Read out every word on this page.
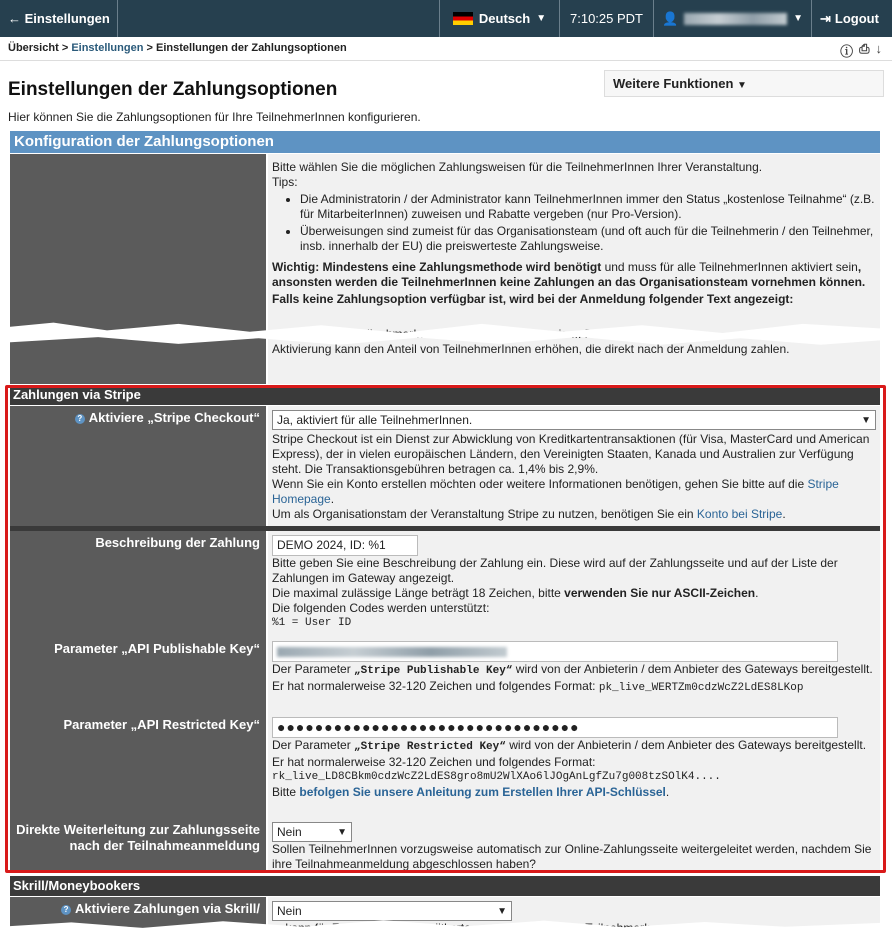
← Einstellungen	Deutsch ▼	7:10:25 PDT	👤	▼ ⇥ Logout
Übersicht > Einstellungen > Einstellungen der Zahlungsoptionen	ⓘ ⎙ ↓
Einstellungen der Zahlungsoptionen	Weitere Funktionen ▼
Hier können Sie die Zahlungsoptionen für Ihre TeilnehmerInnen konfigurieren.
Konfiguration der Zahlungsoptionen
Bitte wählen Sie die möglichen Zahlungsweisen für die TeilnehmerInnen Ihrer Veranstaltung.
Tips:
• Die Administratorin / der Administrator kann TeilnehmerInnen immer den Status „kostenlose Teilnahme“ (z.B. für MitarbeiterInnen) zuweisen und Rabatte vergeben (nur Pro-Version).
• Überweisungen sind zumeist für das Organisationsteam (und oft auch für die Teilnehmerin / den Teilnehmer, insb. innerhalb der EU) die preiswerteste Zahlungsweise.
Wichtig: Mindestens eine Zahlungsmethode wird benötigt und muss für alle TeilnehmerInnen aktiviert sein, ansonsten werden die TeilnehmerInnen keine Zahlungen an das Organisationsteam vornehmen können.
Falls keine Zahlungsoption verfügbar ist, wird bei der Anmeldung folgender Text angezeigt:
Aktivierung kann den Anteil von TeilnehmerInnen erhöhen, die direkt nach der Anmeldung zahlen.
Zahlungen via Stripe
? Aktiviere „Stripe Checkout“	Ja, aktiviert für alle TeilnehmerInnen.	▼
Stripe Checkout ist ein Dienst zur Abwicklung von Kreditkartentransaktionen (für Visa, MasterCard und American Express), der in vielen europäischen Ländern, den Vereinigten Staaten, Kanada und Australien zur Verfügung steht. Die Transaktionsgebühren betragen ca. 1,4% bis 2,9%.
Wenn Sie ein Konto erstellen möchten oder weitere Informationen benötigen, gehen Sie bitte auf die Stripe Homepage.
Um als Organisationstam der Veranstaltung Stripe zu nutzen, benötigen Sie ein Konto bei Stripe.
Beschreibung der Zahlung	DEMO 2024, ID: %1
Bitte geben Sie eine Beschreibung der Zahlung ein. Diese wird auf der Zahlungsseite und auf der Liste der Zahlungen im Gateway angezeigt.
Die maximal zulässige Länge beträgt 18 Zeichen, bitte verwenden Sie nur ASCII-Zeichen.
Die folgenden Codes werden unterstützt:
%1 = User ID
Parameter „API Publishable Key“
Der Parameter „Stripe Publishable Key“ wird von der Anbieterin / dem Anbieter des Gateways bereitgestellt.
Er hat normalerweise 32-120 Zeichen und folgendes Format: pk_live_WERTZm0cdzWcZ2LdES8LKop
Parameter „API Restricted Key“	●●●●●●●●●●●●●●●●●●●●●●●●●●●●●●●●
Der Parameter „Stripe Restricted Key“ wird von der Anbieterin / dem Anbieter des Gateways bereitgestellt.
Er hat normalerweise 32-120 Zeichen und folgendes Format:
rk_live_LD8CBkm0cdzWcZ2LdES8gro8mU2WlXAo6lJOgAnLgfZu7g008tzSOlK4....
Bitte befolgen Sie unsere Anleitung zum Erstellen Ihrer API-Schlüssel.
Direkte Weiterleitung zur Zahlungsseite nach der Teilnahmeanmeldung
Nein	▼
Sollen TeilnehmerInnen vorzugsweise automatisch zur Online-Zahlungsseite weitergeleitet werden, nachdem Sie ihre Teilnahmeanmeldung abgeschlossen haben?
Skrill/Moneybookers
? Aktiviere Zahlungen via Skrill/	Nein	▼
